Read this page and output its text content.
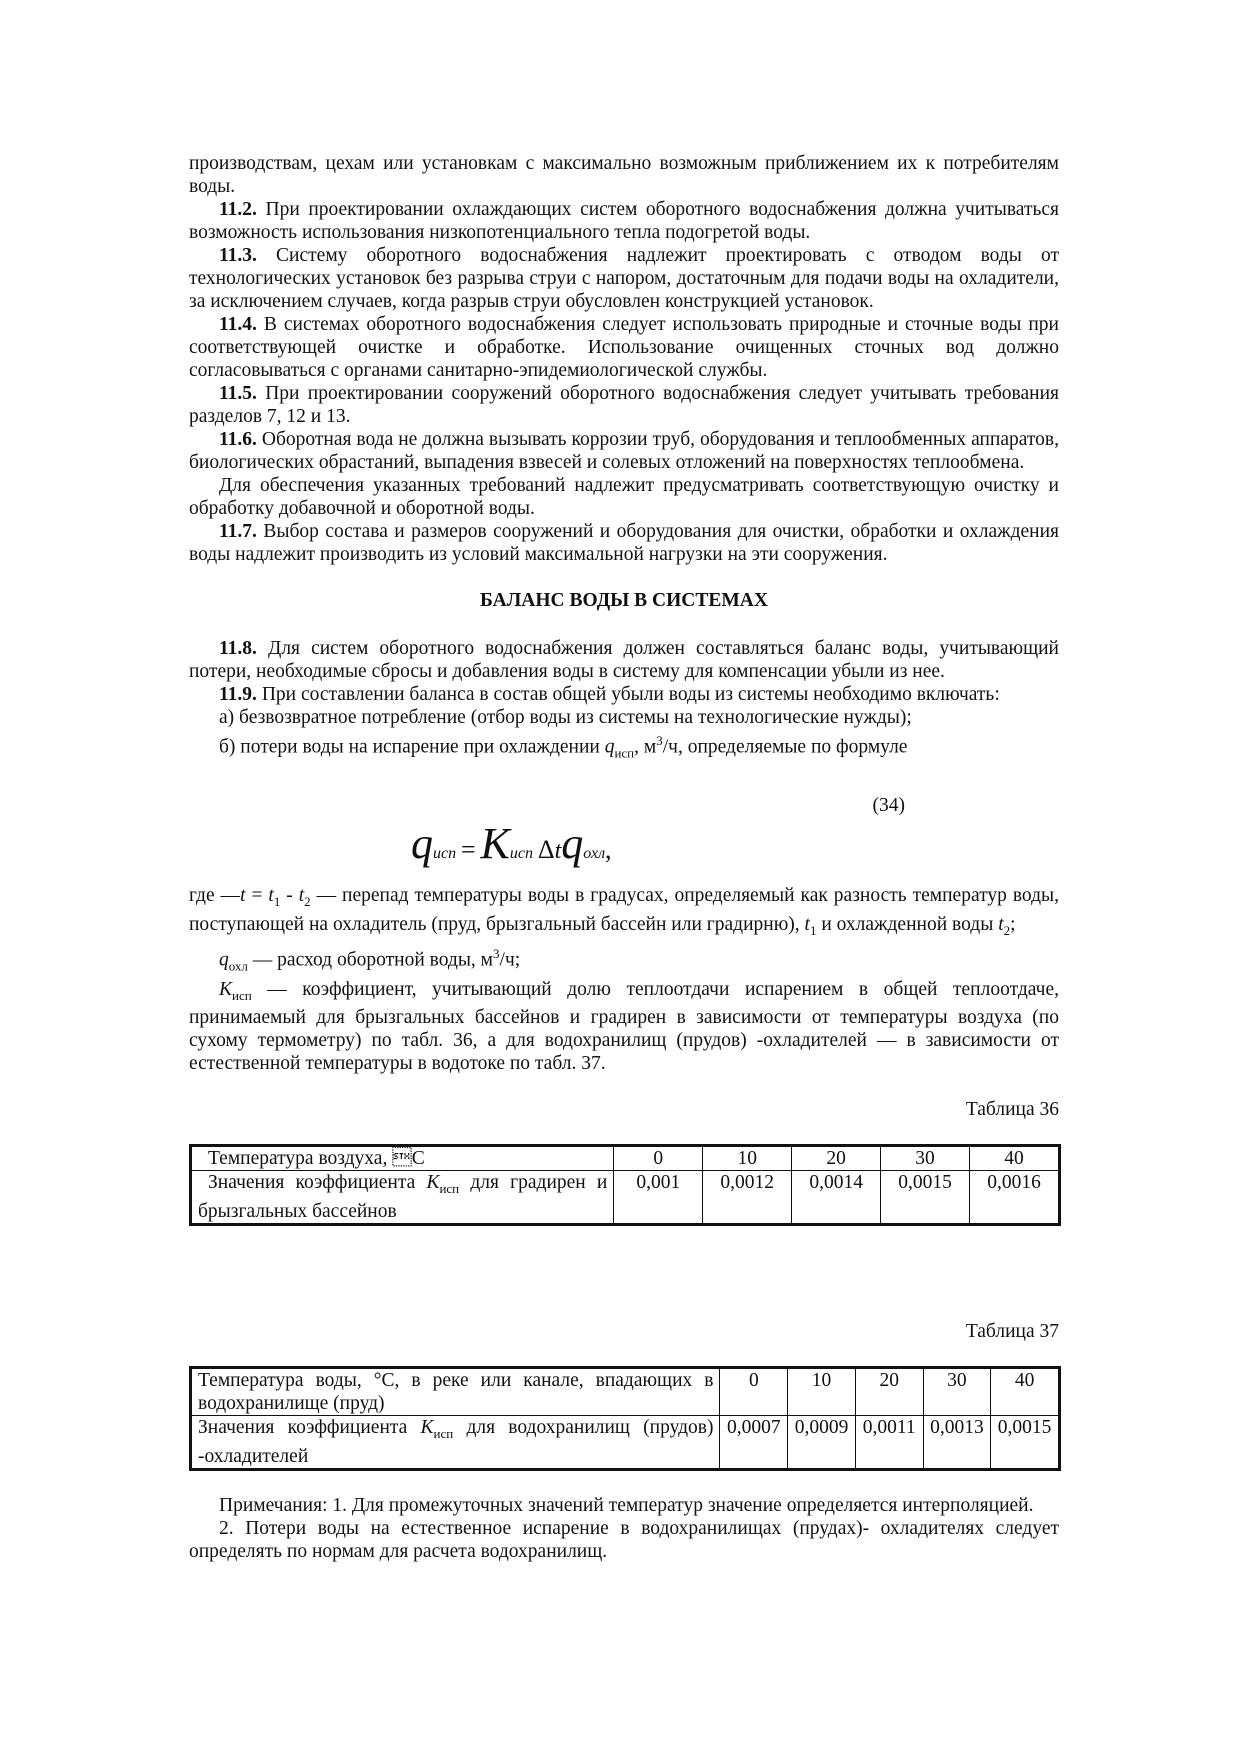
производствам, цехам или установкам с максимально возможным приближением их к потребителям воды.

11.2. При проектировании охлаждающих систем оборотного водоснабжения должна учитываться возможность использования низкопотенциального тепла подогретой воды.

11.3. Систему оборотного водоснабжения надлежит проектировать с отводом воды от технологических установок без разрыва струи с напором, достаточным для подачи воды на охладители, за исключением случаев, когда разрыв струи обусловлен конструкцией установок.

11.4. В системах оборотного водоснабжения следует использовать природные и сточные воды при соответствующей очистке и обработке. Использование очищенных сточных вод должно согласовываться с органами санитарно-эпидемиологической службы.

11.5. При проектировании сооружений оборотного водоснабжения следует учитывать требования разделов 7, 12 и 13.

11.6. Оборотная вода не должна вызывать коррозии труб, оборудования и теплообменных аппаратов, биологических обрастаний, выпадения взвесей и солевых отложений на поверхностях теплообмена.

Для обеспечения указанных требований надлежит предусматривать соответствующую очистку и обработку добавочной и оборотной воды.

11.7. Выбор состава и размеров сооружений и оборудования для очистки, обработки и охлаждения воды надлежит производить из условий максимальной нагрузки на эти сооружения.

БАЛАНС ВОДЫ В СИСТЕМАХ

11.8. Для систем оборотного водоснабжения должен составляться баланс воды, учитывающий потери, необходимые сбросы и добавления воды в систему для компенсации убыли из нее.

11.9. При составлении баланса в состав общей убыли воды из системы необходимо включать:

а) безвозвратное потребление (отбор воды из системы на технологические нужды);

б) потери воды на испарение при охлаждении $q_{исп}$, $м^3/ч$, определяемые по формуле

(34)
qисп = Kисп Δtqохл,

где —t = $t_1 - t_2$ — перепад температуры воды в градусах, определяемый как разность температур воды, поступающей на охладитель (пруд, брызгальный бассейн или градирню), $t_1$ и охлажденной воды $t_2$;

$q_{охл}$ — расход оборотной воды, $м^3/ч$;

$K_{исп}$ — коэффициент, учитывающий долю теплоотдачи испарением в общей теплоотдаче, принимаемый для брызгальных бассейнов и градирен в зависимости от температуры воздуха (по сухому термометру) по табл. 36, а для водохранилищ (прудов) -охладителей — в зависимости от естественной температуры в водотоке по табл. 37.

Таблица 36
Температура воздуха, С	0	10	20	30	40
Значения коэффициента $K_{исп}$ для градирен и брызгальных бассейнов	0,001	0,0012	0,0014	0,0015	0,0016
Таблица 37
Температура воды, °С, в реке или канале, впадающих в водохранилище (пруд)	0	10	20	30	40
Значения коэффициента $K_{исп}$ для водохранилищ (прудов) -охладителей	0,0007	0,0009	0,0011	0,0013	0,0015

Примечания: 1. Для промежуточных значений температур значение определяется интерполяцией.

2. Потери воды на естественное испарение в водохранилищах (прудах)- охладителях следует определять по нормам для расчета водохранилищ.
